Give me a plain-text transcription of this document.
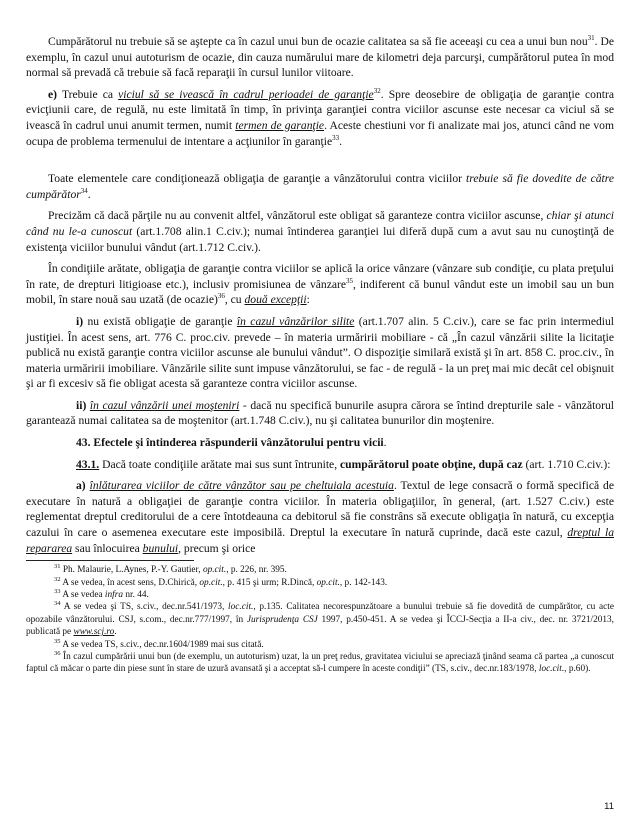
Cumpărătorul nu trebuie să se aştepte ca în cazul unui bun de ocazie calitatea sa să fie aceeaşi cu cea a unui bun nou$^{31}$. De exemplu, în cazul unui autoturism de ocazie, din cauza numărului mare de kilometri deja parcurşi, cumpărătorul putea în mod normal să prevadă că trebuie să facă reparaţii în cursul lunilor viitoare.

e) Trebuie ca viciul să se ivească în cadrul perioadei de garanţie$^{32}$. Spre deosebire de obligaţia de garanţie contra evicţiunii care, de regulă, nu este limitată în timp, în privinţa garanţiei contra viciilor ascunse este necesar ca viciul să se ivească în cadrul unui anumit termen, numit termen de garanţie. Aceste chestiuni vor fi analizate mai jos, atunci când ne vom ocupa de problema termenului de intentare a acţiunilor în garanţie$^{33}$.

Toate elementele care condiţionează obligaţia de garanţie a vânzătorului contra viciilor trebuie să fie dovedite de către cumpărător$^{34}$.

Precizăm că dacă părţile nu au convenit altfel, vânzătorul este obligat să garanteze contra viciilor ascunse, chiar şi atunci când nu le-a cunoscut (art.1.708 alin.1 C.civ.); numai întinderea garanţiei lui diferă după cum a avut sau nu cunoştinţă de existenţa viciilor bunului vândut (art.1.712 C.civ.).

În condiţiile arătate, obligaţia de garanţie contra viciilor se aplică la orice vânzare (vânzare sub condiţie, cu plata preţului în rate, de drepturi litigioase etc.), inclusiv promisiunea de vânzare$^{35}$, indiferent că bunul vândut este un imobil sau un bun mobil, în stare nouă sau uzată (de ocazie)$^{36}$, cu două excepţii:

i) nu există obligaţie de garanţie în cazul vânzărilor silite (art.1.707 alin. 5 C.civ.), care se fac prin intermediul justiţiei. În acest sens, art. 776 C. proc.civ. prevede – în materia urmăririi mobiliare - că „În cazul vânzării silite la licitaţie publică nu există garanţie contra viciilor ascunse ale bunului vândut”. O dispoziţie similară există şi în art. 858 C. proc.civ., în materia urmăririi imobiliare. Vânzările silite sunt impuse vânzătorului, se fac - de regulă - la un preţ mai mic decât cel obişnuit şi ar fi excesiv să fie obligat acesta să garanteze contra viciilor ascunse.

ii) în cazul vânzării unei moşteniri - dacă nu specifică bunurile asupra cărora se întind drepturile sale - vânzătorul garantează numai calitatea sa de moştenitor (art.1.748 C.civ.), nu şi calitatea bunurilor din moştenire.

43. Efectele şi întinderea răspunderii vânzătorului pentru vicii.

43.1. Dacă toate condiţiile arătate mai sus sunt întrunite, cumpărătorul poate obţine, după caz (art. 1.710 C.civ.):

a) înlăturarea viciilor de către vânzător sau pe cheltuiala acestuia. Textul de lege consacră o formă specifică de executare în natură a obligaţiei de garanţie contra viciilor. În materia obligaţiilor, în general, (art. 1.527 C.civ.) este reglementat dreptul creditorului de a cere întotdeauna ca debitorul să fie constrâns să execute obligaţia în natură, cu excepţia cazului în care o asemenea executare este imposibilă. Dreptul la executare în natură cuprinde, dacă este cazul, dreptul la repararea sau înlocuirea bunului, precum şi orice

$^{31}$ Ph. Malaurie, L.Aynes, P.-Y. Gautier, op.cit., p. 226, nr. 395.

$^{32}$ A se vedea, în acest sens, D.Chirică, op.cit., p. 415 şi urm; R.Dincă, op.cit., p. 142-143.

$^{33}$ A se vedea infra nr. 44.

$^{34}$ A se vedea şi TS, s.civ., dec.nr.541/1973, loc.cit., p.135. Calitatea necorespunzătoare a bunului trebuie să fie dovedită de cumpărător, cu acte opozabile vânzătorului. CSJ, s.com., dec.nr.777/1997, în Jurisprudenţa CSJ 1997, p.450-451. A se vedea şi ÎCCJ-Secţia a II-a civ., dec. nr. 3721/2013, publicată pe www.scj.ro.

$^{35}$ A se vedea TS, s.civ., dec.nr.1604/1989 mai sus citată.

$^{36}$ În cazul cumpărării unui bun (de exemplu, un autoturism) uzat, la un preţ redus, gravitatea viciului se apreciază ţinând seama că partea „a cunoscut faptul că măcar o parte din piese sunt în stare de uzură avansată şi a acceptat să-l cumpere în aceste condiţii” (TS, s.civ., dec.nr.183/1978, loc.cit., p.60).

11
